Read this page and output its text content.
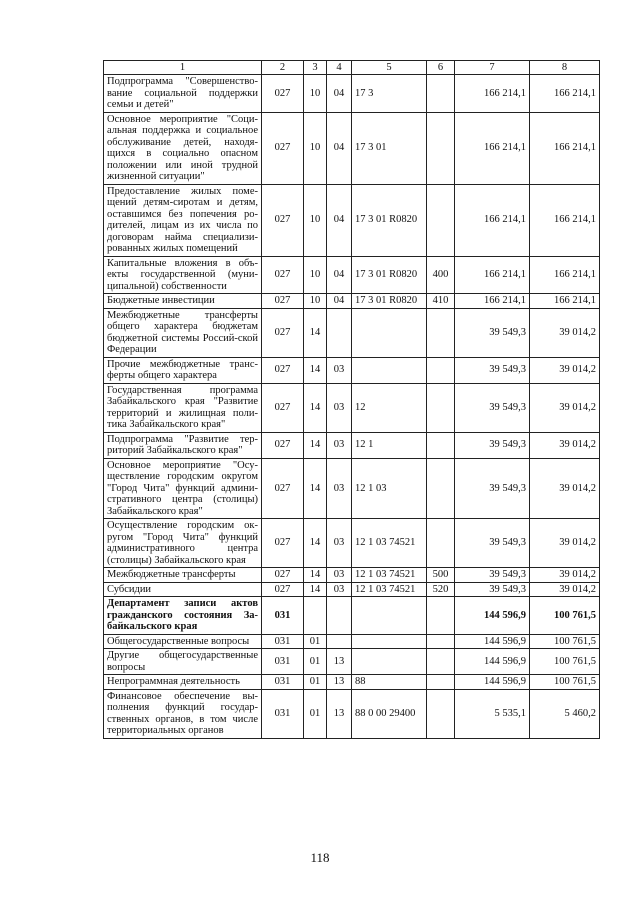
1	2	3	4	5	6	7	8
Подпрограмма "Совершенство-вание социальной поддержки семьи и детей"	027	10	04	17 3		166 214,1	166 214,1
Основное мероприятие "Соци-альная поддержка и социальное обслуживание детей, находя-щихся в социально опасном положении или иной трудной жизненной ситуации"	027	10	04	17 3 01		166 214,1	166 214,1
Предоставление жилых поме-щений детям-сиротам и детям, оставшимся без попечения ро-дителей, лицам из их числа по договорам найма специализи-рованных жилых помещений	027	10	04	17 3 01 R0820		166 214,1	166 214,1
Капитальные вложения в объ-екты государственной (муни-ципальной) собственности	027	10	04	17 3 01 R0820	400	166 214,1	166 214,1
Бюджетные инвестиции	027	10	04	17 3 01 R0820	410	166 214,1	166 214,1
Межбюджетные трансферты общего характера бюджетам бюджетной системы Россий-ской Федерации	027	14				39 549,3	39 014,2
Прочие межбюджетные транс-ферты общего характера	027	14	03			39 549,3	39 014,2
Государственная программа Забайкальского края "Развитие территорий и жилищная поли-тика Забайкальского края"	027	14	03	12		39 549,3	39 014,2
Подпрограмма "Развитие тер-риторий Забайкальского края"	027	14	03	12 1		39 549,3	39 014,2
Основное мероприятие "Осу-ществление городским округом "Город Чита" функций админи-стративного центра (столицы) Забайкальского края"	027	14	03	12 1 03		39 549,3	39 014,2
Осуществление городским ок-ругом "Город Чита" функций административного центра (столицы) Забайкальского края	027	14	03	12 1 03 74521		39 549,3	39 014,2
Межбюджетные трансферты	027	14	03	12 1 03 74521	500	39 549,3	39 014,2
Субсидии	027	14	03	12 1 03 74521	520	39 549,3	39 014,2
Департамент записи актов гражданского состояния За-байкальского края	031					144 596,9	100 761,5
Общегосударственные вопросы	031	01				144 596,9	100 761,5
Другие общегосударственные вопросы	031	01	13			144 596,9	100 761,5
Непрограммная деятельность	031	01	13	88		144 596,9	100 761,5
Финансовое обеспечение вы-полнения функций государ-ственных органов, в том числе территориальных органов	031	01	13	88 0 00 29400		5 535,1	5 460,2
118
